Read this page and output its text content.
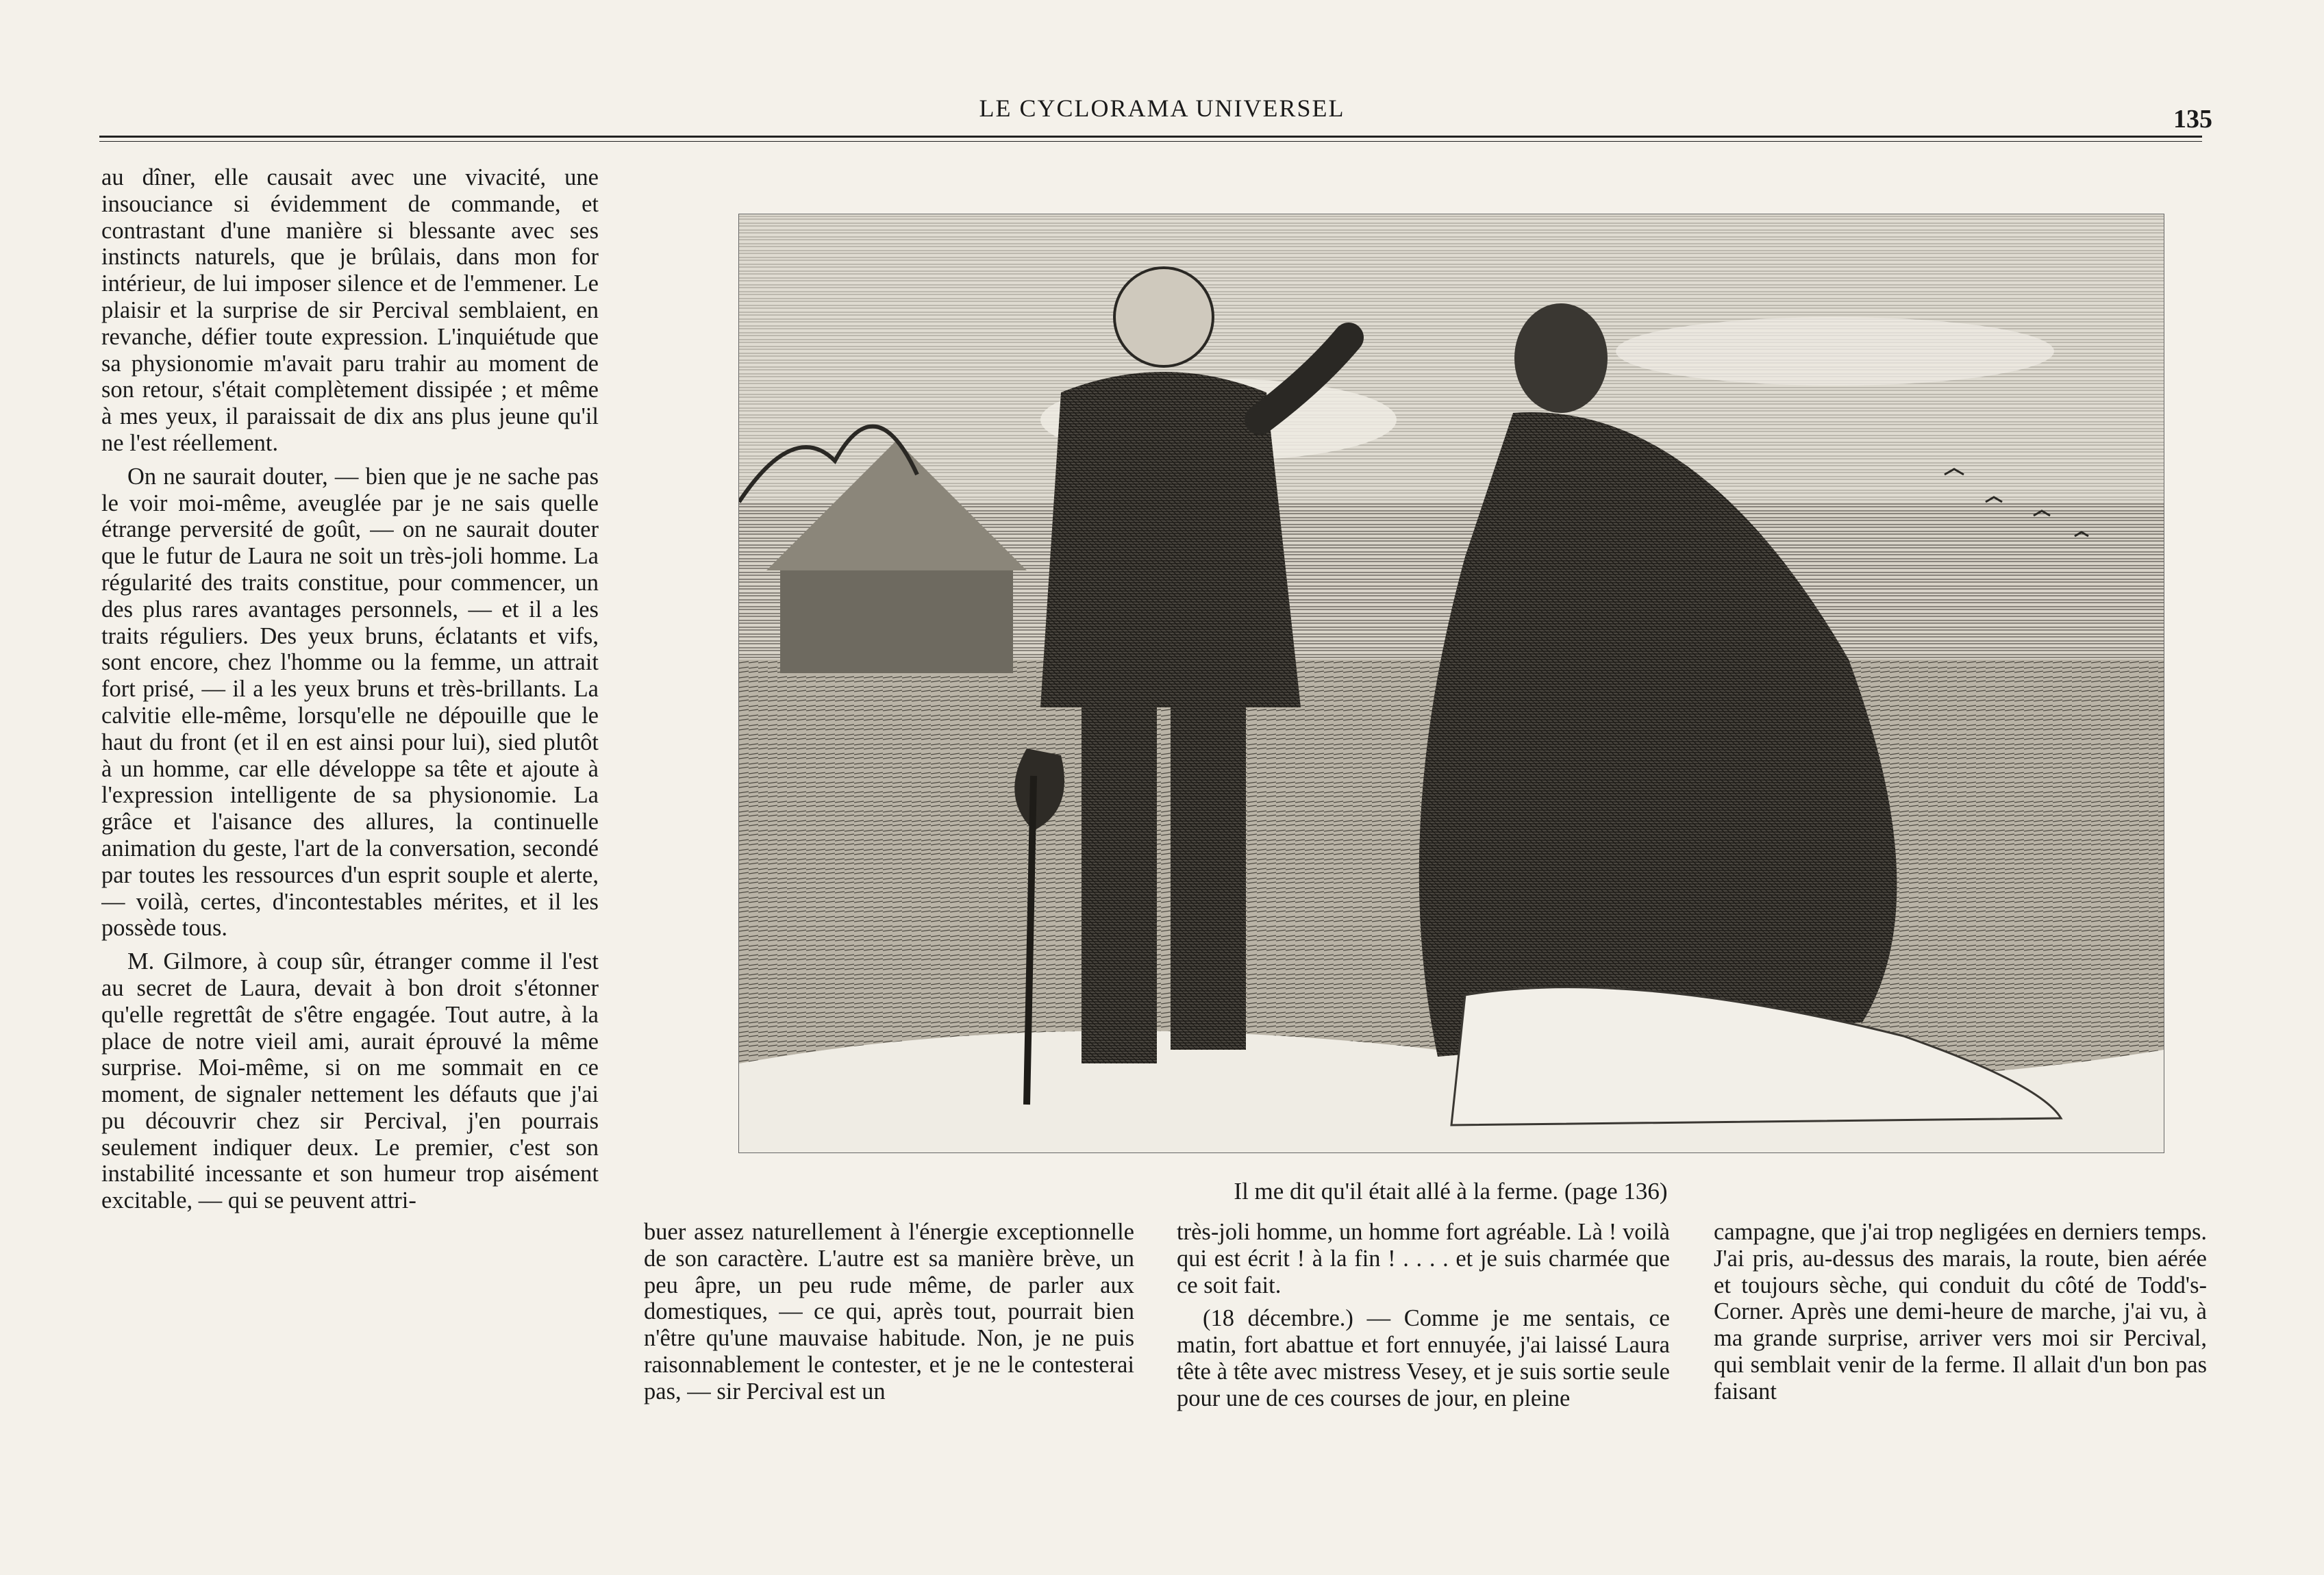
LE CYCLORAMA UNIVERSEL	135

au dîner, elle causait avec une vivacité, une insouciance si évidemment de commande, et contrastant d'une manière si blessante avec ses instincts naturels, que je brûlais, dans mon for intérieur, de lui imposer silence et de l'emmener. Le plaisir et la surprise de sir Percival semblaient, en revanche, défier toute expression. L'inquiétude que sa physionomie m'avait paru trahir au moment de son retour, s'était complètement dissipée ; et même à mes yeux, il paraissait de dix ans plus jeune qu'il ne l'est réellement.

On ne saurait douter, — bien que je ne sache pas le voir moi-même, aveuglée par je ne sais quelle étrange perversité de goût, — on ne saurait douter que le futur de Laura ne soit un très-joli homme. La régularité des traits constitue, pour commencer, un des plus rares avantages personnels, — et il a les traits réguliers. Des yeux bruns, éclatants et vifs, sont encore, chez l'homme ou la femme, un attrait fort prisé, — il a les yeux bruns et très-brillants. La calvitie elle-même, lorsqu'elle ne dépouille que le haut du front (et il en est ainsi pour lui), sied plutôt à un homme, car elle développe sa tête et ajoute à l'expression intelligente de sa physionomie. La grâce et l'aisance des allures, la continuelle animation du geste, l'art de la conversation, secondé par toutes les ressources d'un esprit souple et alerte, — voilà, certes, d'incontestables mérites, et il les possède tous.

M. Gilmore, à coup sûr, étranger comme il l'est au secret de Laura, devait à bon droit s'étonner qu'elle regrettât de s'être engagée. Tout autre, à la place de notre vieil ami, aurait éprouvé la même surprise. Moi-même, si on me sommait en ce moment, de signaler nettement les défauts que j'ai pu découvrir chez sir Percival, j'en pourrais seulement indiquer deux. Le premier, c'est son instabilité incessante et son humeur trop aisément excitable, — qui se peuvent attri-	Il me dit qu'il était allé à la ferme. (page 136)

buer assez naturellement à l'énergie exceptionnelle de son caractère. L'autre est sa manière brève, un peu âpre, un peu rude même, de parler aux domestiques, — ce qui, après tout, pourrait bien n'être qu'une mauvaise habitude. Non, je ne puis raisonnablement le contester, et je ne le contesterai pas, — sir Percival est un

très-joli homme, un homme fort agréable. Là ! voilà qui est écrit ! à la fin ! . . . . et je suis charmée que ce soit fait.

(18 décembre.) — Comme je me sentais, ce matin, fort abattue et fort ennuyée, j'ai laissé Laura tête à tête avec mistress Vesey, et je suis sortie seule pour une de ces courses de jour, en pleine

campagne, que j'ai trop negligées en derniers temps. J'ai pris, au-dessus des marais, la route, bien aérée et toujours sèche, qui conduit du côté de Todd's-Corner. Après une demi-heure de marche, j'ai vu, à ma grande surprise, arriver vers moi sir Percival, qui semblait venir de la ferme. Il allait d'un bon pas faisant
